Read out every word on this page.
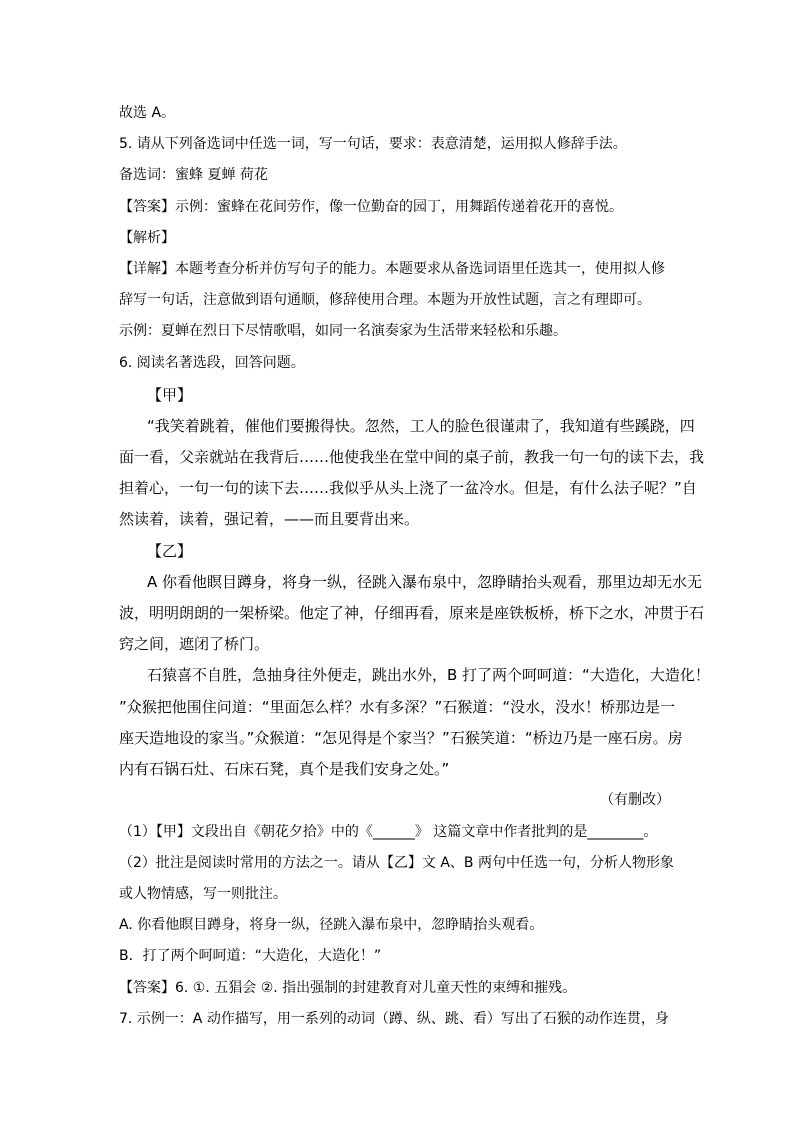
故选 A。
5. 请从下列备选词中任选一词，写一句话，要求：表意清楚，运用拟人修辞手法。
备选词：蜜蜂 夏蝉 荷花
【答案】示例：蜜蜂在花间劳作，像一位勤奋的园丁，用舞蹈传递着花开的喜悦。
【解析】
【详解】本题考查分析并仿写句子的能力。本题要求从备选词语里任选其一，使用拟人修
辞写一句话，注意做到语句通顺，修辞使用合理。本题为开放性试题，言之有理即可。
示例：夏蝉在烈日下尽情歌唱，如同一名演奏家为生活带来轻松和乐趣。
6. 阅读名著选段，回答问题。
【甲】
“我笑着跳着，催他们要搬得快。忽然，工人的脸色很谨肃了，我知道有些蹊跷，四
面一看，父亲就站在我背后……他使我坐在堂中间的桌子前，教我一句一句的读下去，我
担着心，一句一句的读下去……我似乎从头上浇了一盆冷水。但是，有什么法子呢？”自
然读着，读着，强记着，——而且要背出来。
【乙】
A 你看他瞑目蹲身，将身一纵，径跳入瀑布泉中，忽睁睛抬头观看，那里边却无水无
波，明明朗朗的一架桥梁。他定了神，仔细再看，原来是座铁板桥，桥下之水，冲贯于石
窍之间，遮闭了桥门。
石猿喜不自胜，急抽身往外便走，跳出水外，B 打了两个呵呵道：“大造化，大造化！
”众猴把他围住问道：“里面怎么样？水有多深？”石猴道：“没水，没水！桥那边是一
座天造地设的家当。”众猴道：“怎见得是个家当？”石猴笑道：“桥边乃是一座石房。房
内有石锅石灶、石床石凳，真个是我们安身之处。”
（有删改）
（1）【甲】文段出自《朝花夕拾》中的《______》 这篇文章中作者批判的是________。
（2）批注是阅读时常用的方法之一。请从【乙】文 A、B 两句中任选一句，分析人物形象
或人物情感，写一则批注。
A. 你看他瞑目蹲身，将身一纵，径跳入瀑布泉中，忽睁睛抬头观看。
B．打了两个呵呵道：“大造化，大造化！”
【答案】6. ①. 五猖会 ②. 指出强制的封建教育对儿童天性的束缚和摧残。
7. 示例一：A 动作描写，用一系列的动词（蹲、纵、跳、看）写出了石猴的动作连贯，身
